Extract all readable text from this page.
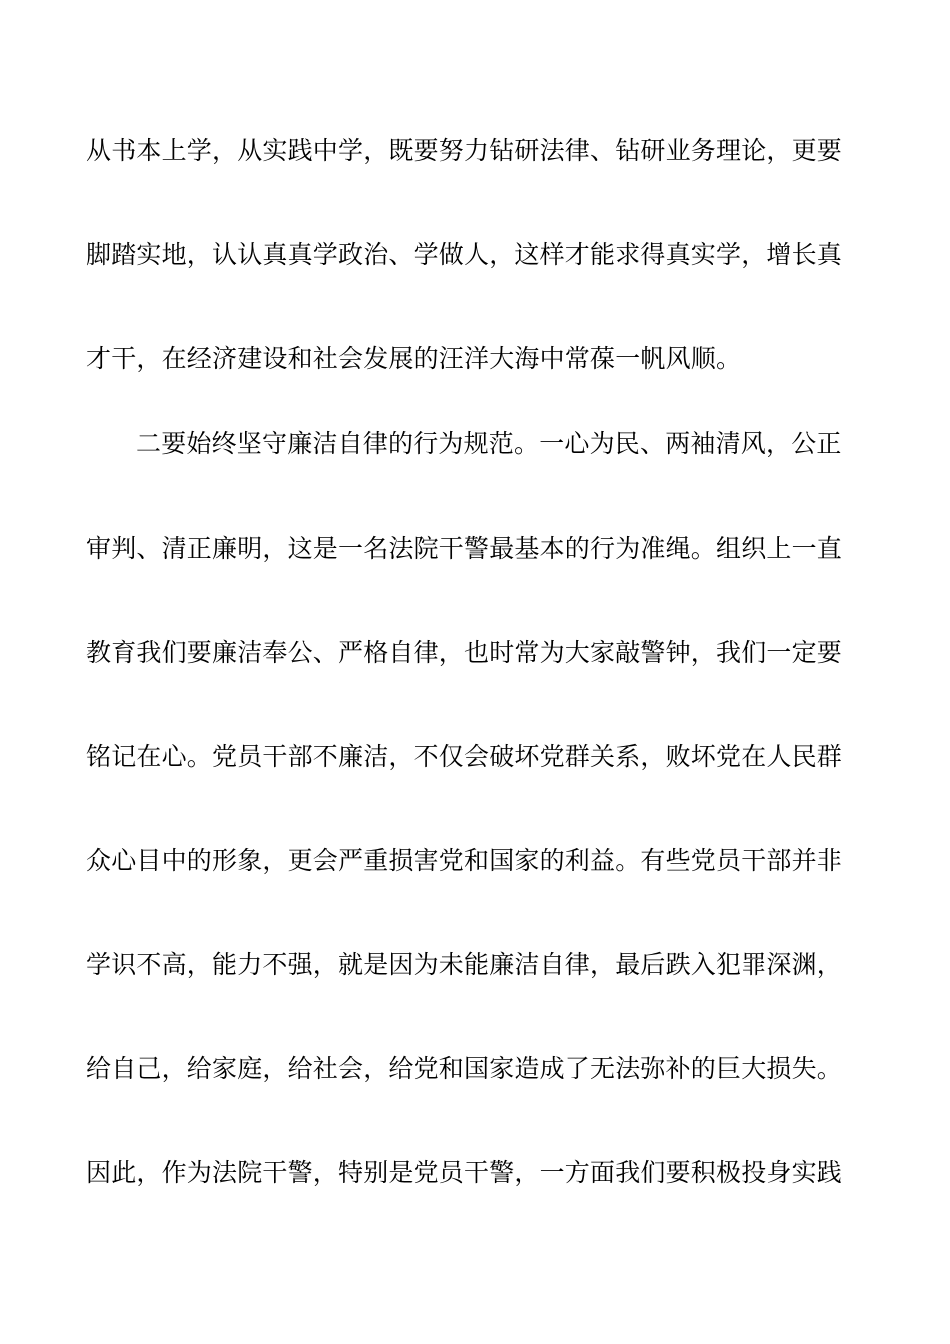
从书本上学，从实践中学，既要努力钻研法律、钻研业务理论，更要
脚踏实地，认认真真学政治、学做人，这样才能求得真实学，增长真
才干，在经济建设和社会发展的汪洋大海中常葆一帆风顺。
二要始终坚守廉洁自律的行为规范。一心为民、两袖清风，公正
审判、清正廉明，这是一名法院干警最基本的行为准绳。组织上一直
教育我们要廉洁奉公、严格自律，也时常为大家敲警钟，我们一定要
铭记在心。党员干部不廉洁，不仅会破坏党群关系，败坏党在人民群
众心目中的形象，更会严重损害党和国家的利益。有些党员干部并非
学识不高，能力不强，就是因为未能廉洁自律，最后跌入犯罪深渊，
给自己，给家庭，给社会，给党和国家造成了无法弥补的巨大损失。
因此，作为法院干警，特别是党员干警，一方面我们要积极投身实践
